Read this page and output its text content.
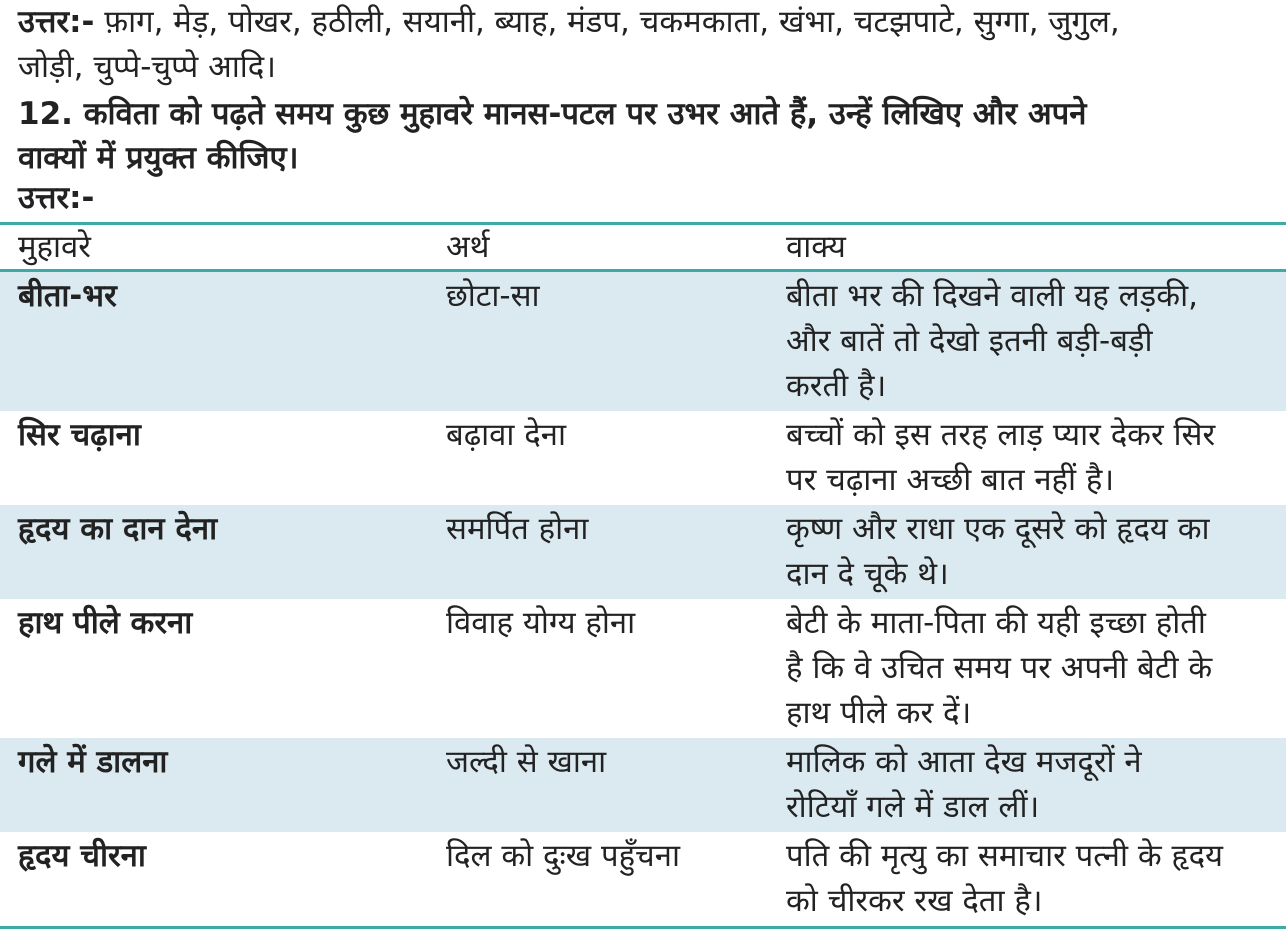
उत्तर:- फ़ाग, मेड़, पोखर, हठीली, सयानी, ब्याह, मंडप, चकमकाता, खंभा, चटझपाटे, सुग्गा, जुगुल,
जोड़ी, चुप्पे-चुप्पे आदि।
12. कविता को पढ़ते समय कुछ मुहावरे मानस-पटल पर उभर आते हैं, उन्हें लिखिए और अपने
वाक्यों में प्रयुक्त कीजिए।
उत्तर:-
मुहावरे	अर्थ	वाक्य
बीता-भर	छोटा-सा	बीता भर की दिखने वाली यह लड़की,
और बातें तो देखो इतनी बड़ी-बड़ी
करती है।

सिर चढ़ाना	बढ़ावा देना	बच्चों को इस तरह लाड़ प्यार देकर सिर
पर चढ़ाना अच्छी बात नहीं है।

हृदय का दान देना	समर्पित होना	कृष्ण और राधा एक दूसरे को हृदय का
दान दे चूके थे।

हाथ पीले करना	विवाह योग्य होना	बेटी के माता-पिता की यही इच्छा होती
है कि वे उचित समय पर अपनी बेटी के
हाथ पीले कर दें।

गले में डालना	जल्दी से खाना	मालिक को आता देख मजदूरों ने
रोटियाँ गले में डाल लीं।

हृदय चीरना	दिल को दुःख पहुँचना	पति की मृत्यु का समाचार पत्नी के हृदय
को चीरकर रख देता है।
